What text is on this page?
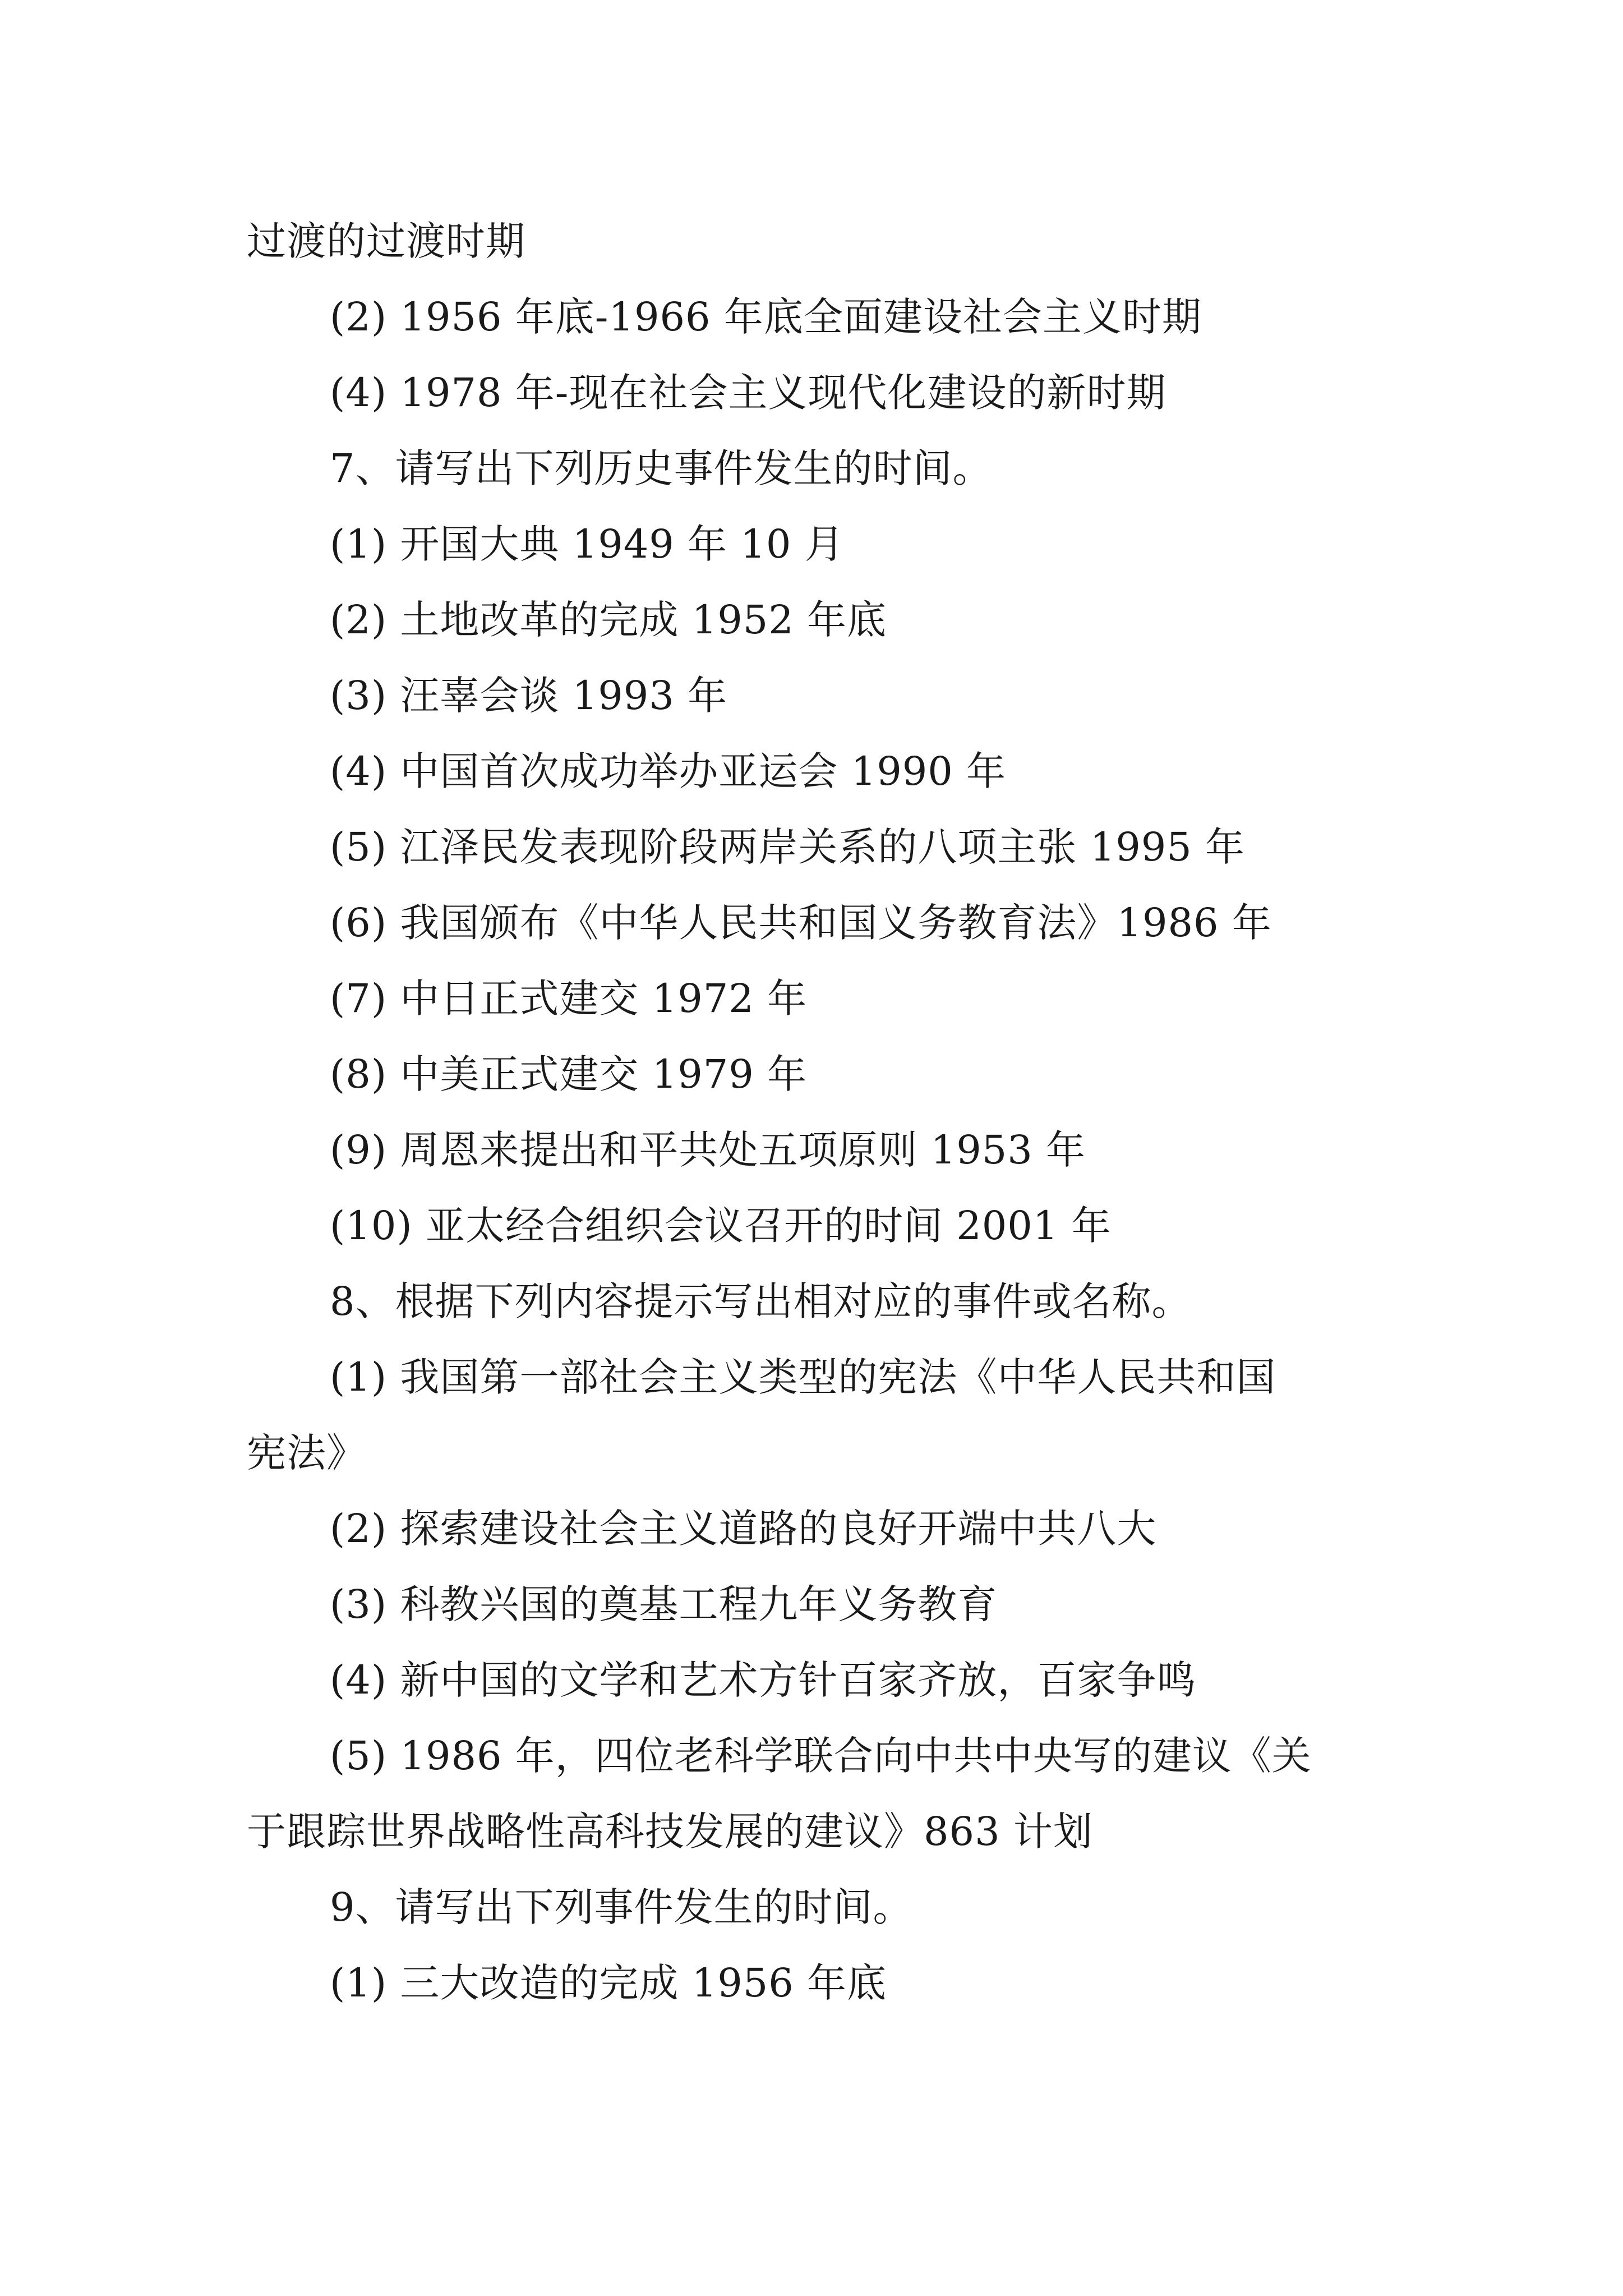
过渡的过渡时期
(2) 1956 年底-1966 年底全面建设社会主义时期
(4) 1978 年-现在社会主义现代化建设的新时期
7、请写出下列历史事件发生的时间。
(1) 开国大典 1949 年 10 月
(2) 土地改革的完成 1952 年底
(3) 汪辜会谈 1993 年
(4) 中国首次成功举办亚运会 1990 年
(5) 江泽民发表现阶段两岸关系的八项主张 1995 年
(6) 我国颁布《中华人民共和国义务教育法》1986 年
(7) 中日正式建交 1972 年
(8) 中美正式建交 1979 年
(9) 周恩来提出和平共处五项原则 1953 年
(10) 亚太经合组织会议召开的时间 2001 年
8、根据下列内容提示写出相对应的事件或名称。
(1) 我国第一部社会主义类型的宪法《中华人民共和国
宪法》
(2) 探索建设社会主义道路的良好开端中共八大
(3) 科教兴国的奠基工程九年义务教育
(4) 新中国的文学和艺术方针百家齐放，百家争鸣
(5) 1986 年，四位老科学联合向中共中央写的建议《关
于跟踪世界战略性高科技发展的建议》863 计划
9、请写出下列事件发生的时间。
(1) 三大改造的完成 1956 年底
